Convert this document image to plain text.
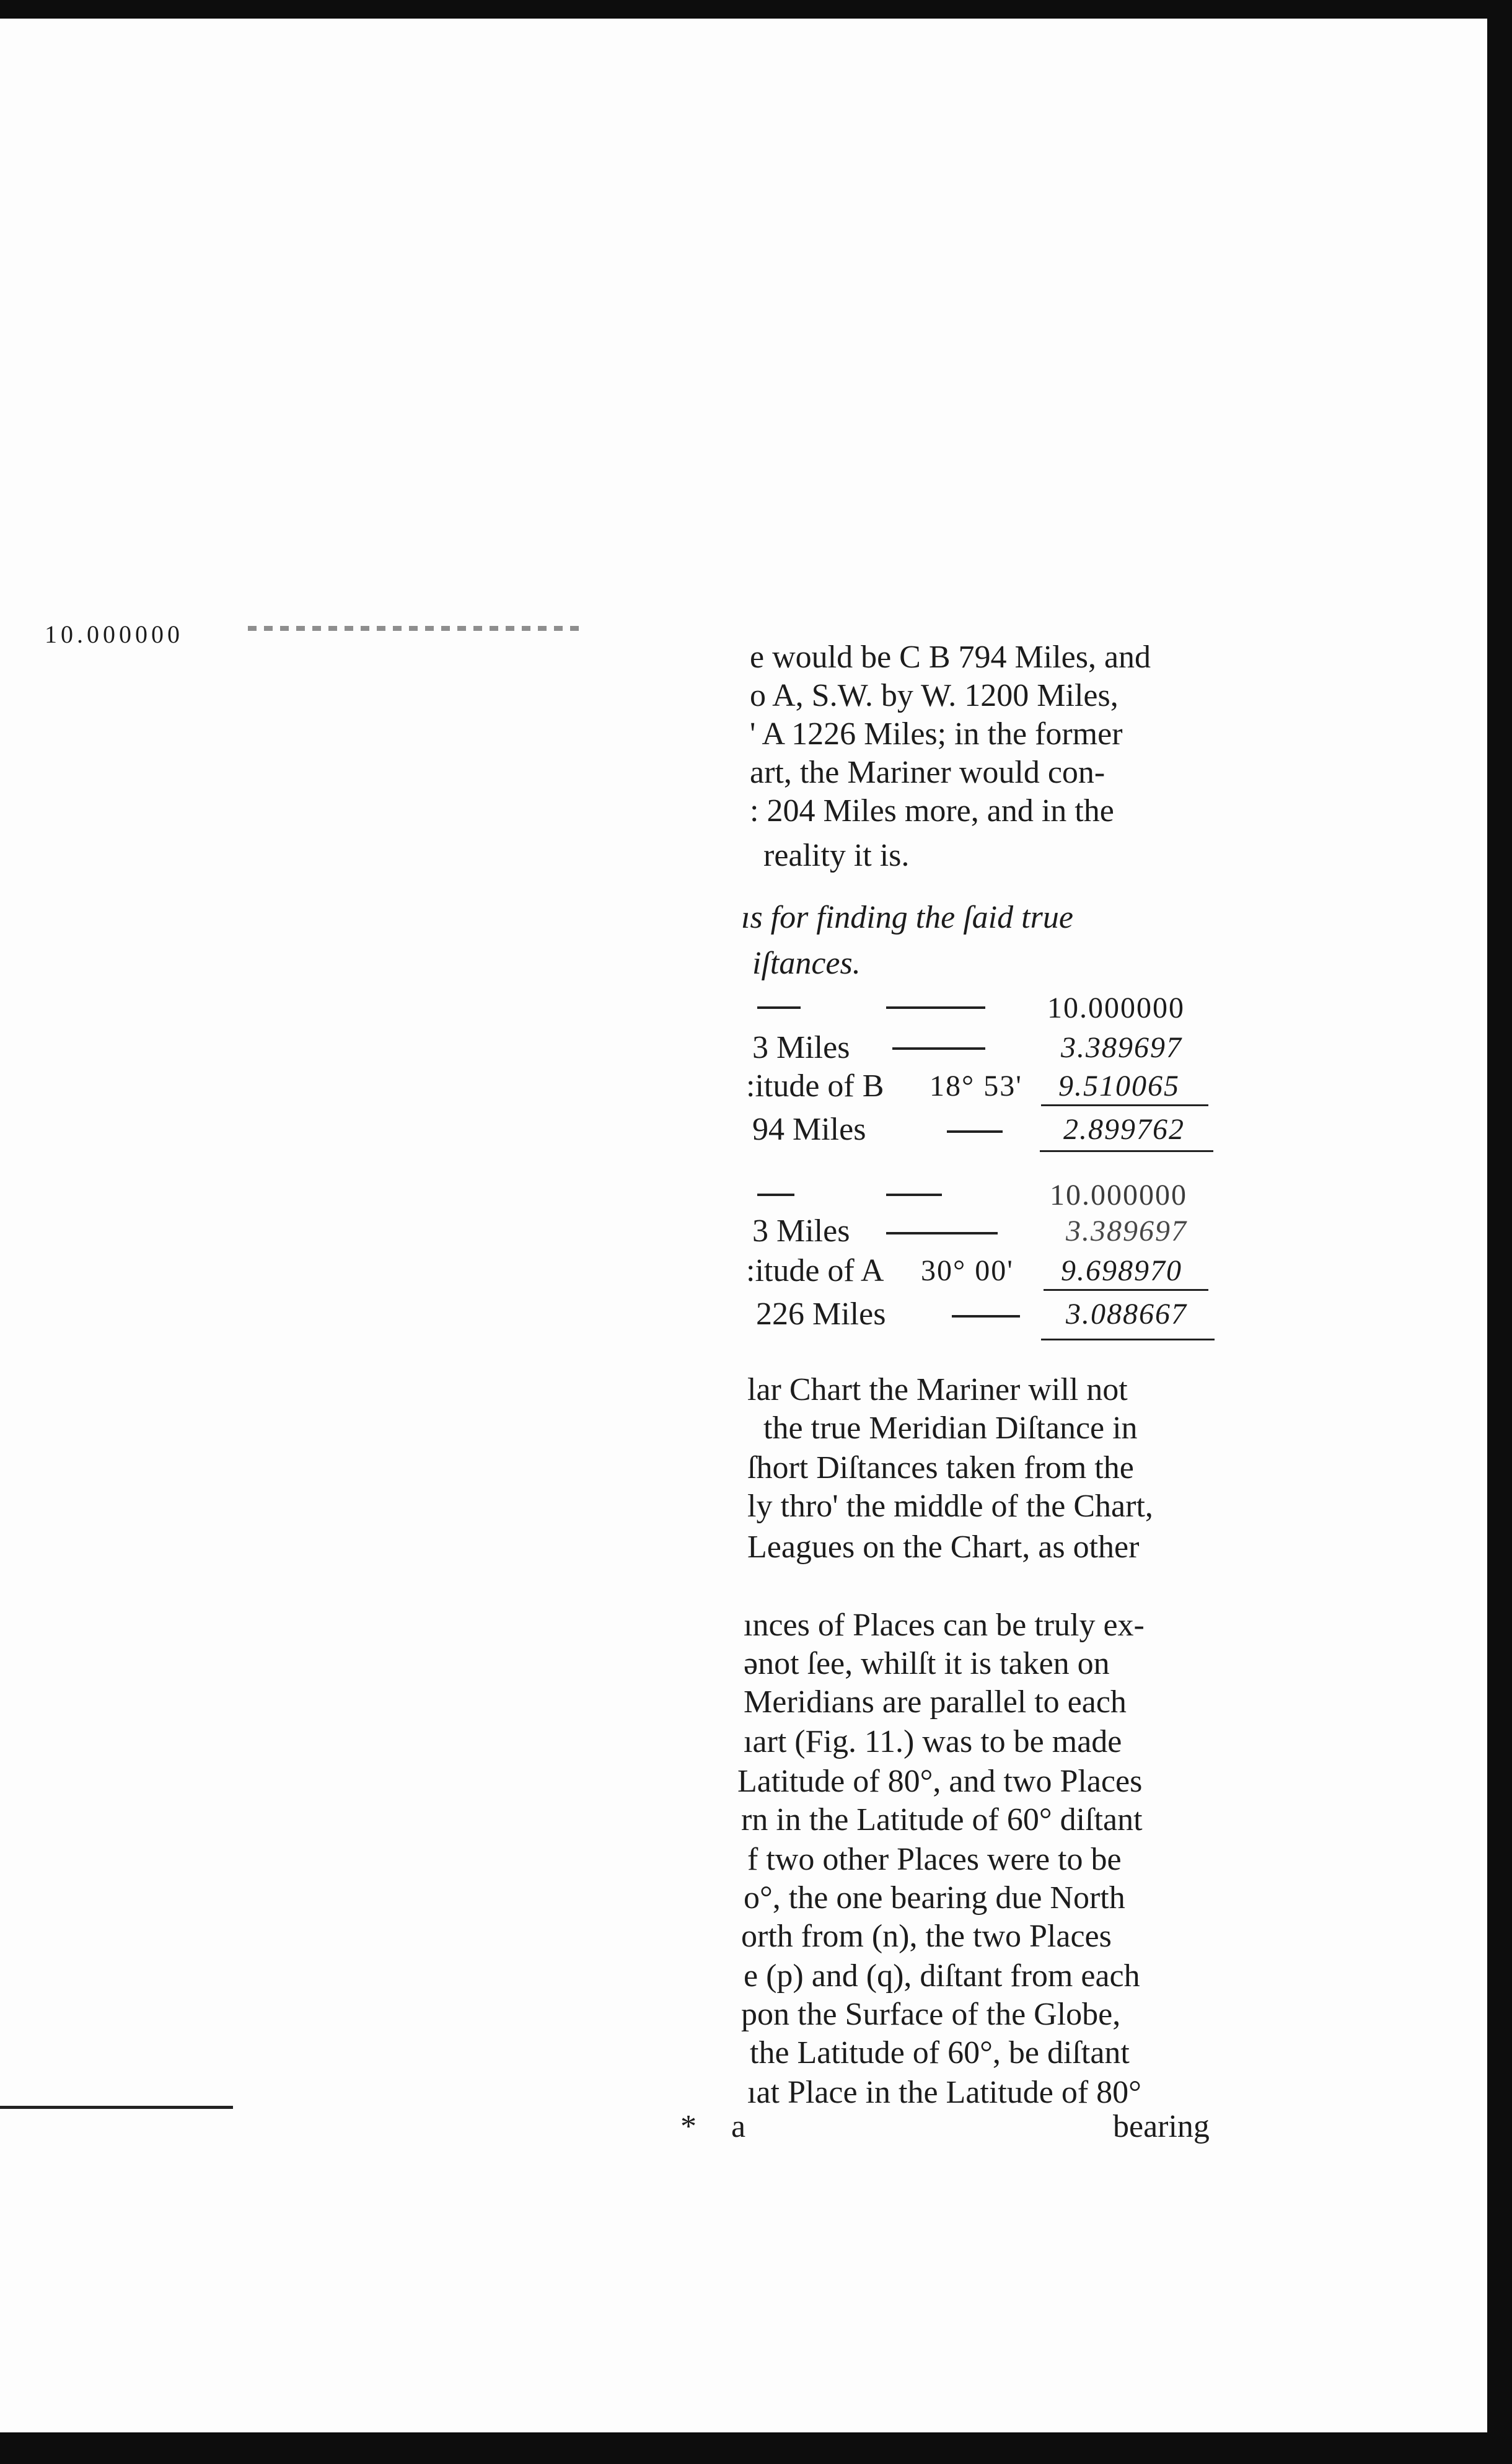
10.000000
e would be C B 794 Miles, and
o A, S.W. by W. 1200 Miles,
' A 1226 Miles; in the former
art, the Mariner would con-
: 204 Miles more, and in the
reality it is.
ıs for finding the ſaid true
iſtances.
10.000000
3 Miles	3.389697
:itude of B 18° 53' 9.510065
94 Miles	2.899762
10.000000
3 Miles	3.389697
:itude of A 30° 00' 9.698970
226 Miles	3.088667
lar Chart the Mariner will not
the true Meridian Diſtance in
ſhort Diſtances taken from the
ly thro' the middle of the Chart,
Leagues on the Chart, as other
ınces of Places can be truly ex-
ənot ſee, whilſt it is taken on
Meridians are parallel to each
ıart (Fig. 11.) was to be made
Latitude of 80°, and two Places
rn in the Latitude of 60° diſtant
f two other Places were to be
o°, the one bearing due North
orth from (n), the two Places
e (p) and (q), diſtant from each
pon the Surface of the Globe,
the Latitude of 60°, be diſtant
ıat Place in the Latitude of 80°
* a	bearing
